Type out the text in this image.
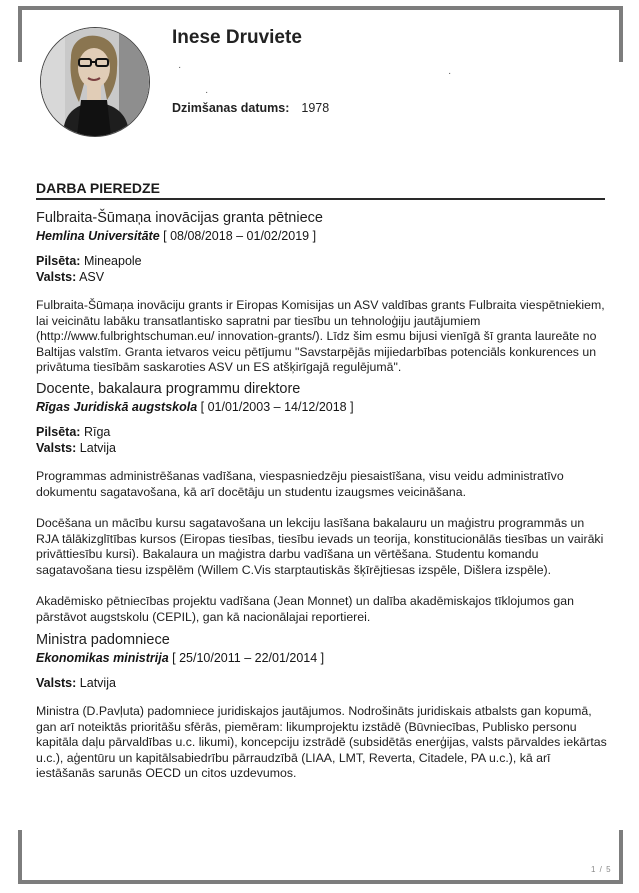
Inese Druviete
·
·
·
Dzimšanas datums: 1978
DARBA PIEREDZE
Fulbraita-Šūmaņa inovācijas granta pētniece
Hemlina Universitāte [ 08/08/2018 – 01/02/2019 ]
Pilsēta: Mineapole
Valsts: ASV

Fulbraita-Šūmaņa inovāciju grants ir Eiropas Komisijas un ASV valdības grants Fulbraita viespētniekiem, lai veicinātu labāku transatlantisko sapratni par tiesību un tehnoloģiju jautājumiem (http://www.fulbrightschuman.eu/ innovation-grants/). Līdz šim esmu bijusi vienīgā šī granta laureāte no Baltijas valstīm. Granta ietvaros veicu pētījumu "Savstarpējās mijiedarbības potenciāls konkurences un privātuma tiesībām saskaroties ASV un ES atšķirīgajā regulējumā".

Docente, bakalaura programmu direktore
Rīgas Juridiskā augstskola [ 01/01/2003 – 14/12/2018 ]
Pilsēta: Rīga
Valsts: Latvija

Programmas administrēšanas vadīšana, viespasniedzēju piesaistīšana, visu veidu administratīvo dokumentu sagatavošana, kā arī docētāju un studentu izaugsmes veicināšana.

Docēšana un mācību kursu sagatavošana un lekciju lasīšana bakalauru un maģistru programmās un RJA tālākizglītības kursos (Eiropas tiesības, tiesību ievads un teorija, konstitucionālās tiesības un vairāki privāttiesību kursi). Bakalaura un maģistra darbu vadīšana un vērtēšana. Studentu komandu sagatavošana tiesu izspēlēm (Willem C.Vis starptautiskās šķīrējtiesas izspēle, Dišlera izspēle).

Akadēmisko pētniecības projektu vadīšana (Jean Monnet) un dalība akadēmiskajos tīklojumos gan pārstāvot augstskolu (CEPIL), gan kā nacionālajai reportierei.

Ministra padomniece
Ekonomikas ministrija [ 25/10/2011 – 22/01/2014 ]
Valsts: Latvija

Ministra (D.Pavļuta) padomniece juridiskajos jautājumos. Nodrošināts juridiskais atbalsts gan kopumā, gan arī noteiktās prioritāšu sfērās, piemēram: likumprojektu izstādē (Būvniecības, Publisko personu kapitāla daļu pārvaldības u.c. likumi), koncepciju izstrādē (subsidētās enerģijas, valsts pārvaldes iekārtas u.c.), aģentūru un kapitālsabiedrību pārraudzībā (LIAA, LMT, Reverta, Citadele, PA u.c.), kā arī iestāšanās sarunās OECD un citos uzdevumos.

1 / 5
